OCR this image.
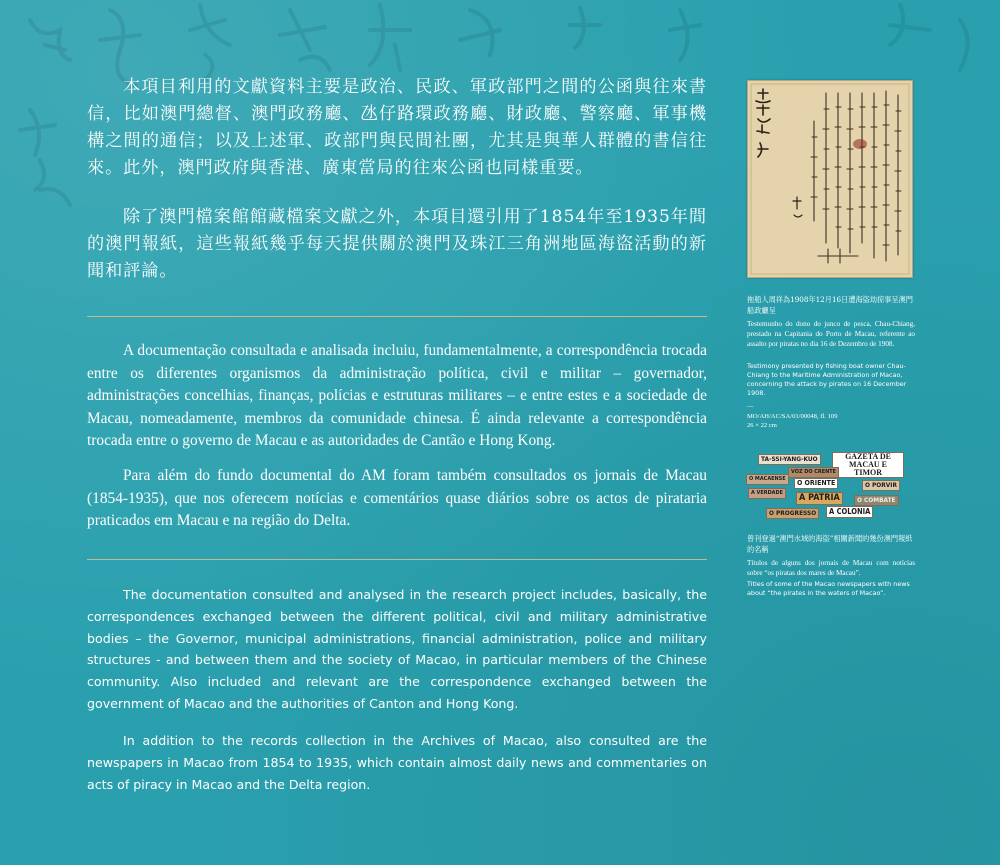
本項目利用的文獻資料主要是政治、民政、軍政部門之間的公函與往來書信，比如澳門總督、澳門政務廳、氹仔路環政務廳、財政廳、警察廳、軍事機構之間的通信；以及上述軍、政部門與民間社團，尤其是與華人群體的書信往來。此外，澳門政府與香港、廣東當局的往來公函也同樣重要。

除了澳門檔案館館藏檔案文獻之外，本項目還引用了1854年至1935年間的澳門報紙，這些報紙幾乎每天提供關於澳門及珠江三角洲地區海盜活動的新聞和評論。

A documentação consultada e analisada incluiu, fundamentalmente, a correspondência trocada entre os diferentes organismos da administração política, civil e militar – governador, administrações concelhias, finanças, polícias e estruturas militares – e entre estes e a sociedade de Macau, nomeadamente, membros da comunidade chinesa. É ainda relevante a correspondência trocada entre o governo de Macau e as autoridades de Cantão e Hong Kong.

Para além do fundo documental do AM foram também consultados os jornais de Macau (1854-1935), que nos oferecem notícias e comentários quase diários sobre os actos de pirataria praticados em Macau e na região do Delta.

The documentation consulted and analysed in the research project includes, basically, the correspondences exchanged between the different political, civil and military administrative bodies – the Governor, municipal administrations, financial administration, police and military structures - and between them and the society of Macao, in particular members of the Chinese community. Also included and relevant are the correspondence exchanged between the government of Macao and the authorities of Canton and Hong Kong.

In addition to the records collection in the Archives of Macao, also consulted are the newspapers in Macao from 1854 to 1935, which contain almost daily news and commentaries on acts of piracy in Macao and the Delta region.

拖船人周祥為1908年12月16日遭海盜劫掠事呈澳門船政廳呈

Testemunho do dono do junco de pesca, Chau-Chiang, prestado na Capitania do Porto de Macau, referente ao assalto por piratas no dia 16 de Dezembro de 1908.

Testimony presented by fishing boat owner Chau-Chiang to the Maritime Administration of Macao, concerning the attack by pirates on 16 December 1908.

—
MO/AH/AC/SA/01/00048, fl. 109
26 × 22 cm
TA-SSI-YANG-KUO	GAZETA DE MACAU E TIMOR
O MACAENSE
VOZ DO CRENTE
O ORIENTE	O PORVIR
A VERDADE	A PATRIA	O COMBATE
O PROGRESSO	A COLONIA

曾刊登過“澳門水域的海盜”相關新聞的幾份澳門報紙的名稱

Títulos de alguns dos jornais de Macau com notícias sobre “os piratas dos mares de Macau”.

Titles of some of the Macao newspapers with news about “the pirates in the waters of Macao”.
